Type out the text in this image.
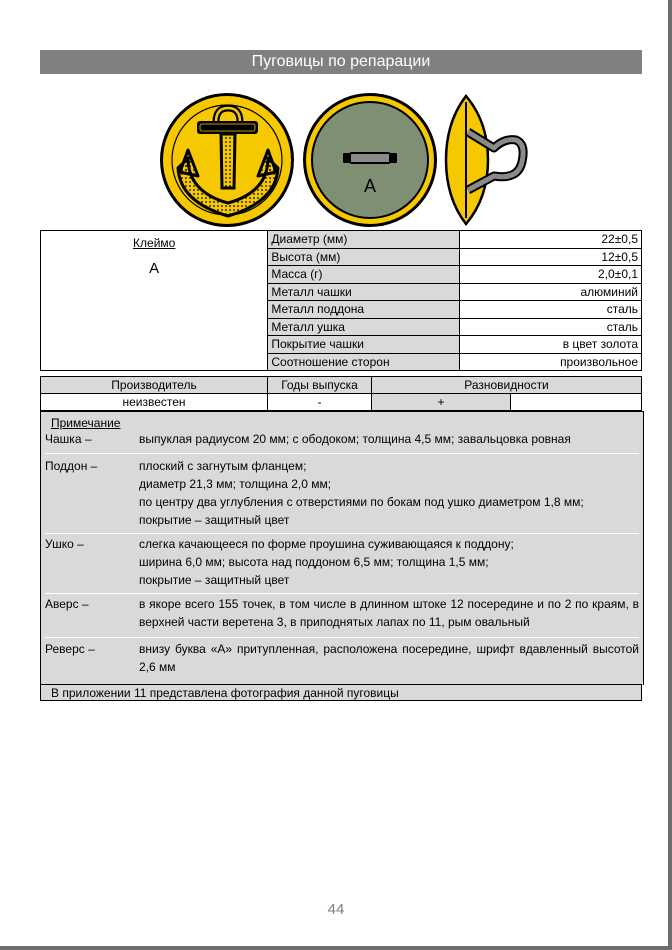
Пуговицы по репарации
А
Клеймо
А	Диаметр (мм)	22±0,5
	Высота (мм)	12±0,5
	Масса (г)	2,0±0,1
	Металл чашки	алюминий
	Металл поддона	сталь
	Металл ушка	сталь
	Покрытие чашки	в цвет золота
	Соотношение сторон	произвольное
Производитель	Годы выпуска	Разновидности	
неизвестен	-	+	
Примечание
Чашка –	выпуклая радиусом 20 мм; с ободоком; толщина 4,5 мм; завальцовка ровная
Поддон –	плоский с загнутым фланцем;
диаметр 21,3 мм; толщина 2,0 мм;
по центру два углубления с отверстиями по бокам под ушко диаметром 1,8 мм;
покрытие – защитный цвет
Ушко –	слегка качающееся по форме проушина суживающаяся к поддону;
ширина 6,0 мм; высота над поддоном 6,5 мм; толщина 1,5 мм;
покрытие – защитный цвет
Аверс –	в якоре всего 155 точек, в том числе в длинном штоке 12 посередине и по 2 по краям, в верхней части веретена 3, в приподнятых лапах по 11, рым овальный
Реверс –	внизу буква «А» притупленная, расположена посередине, шрифт вдавленный высотой 2,6 мм
В приложении 11 представлена фотография данной пуговицы
44
